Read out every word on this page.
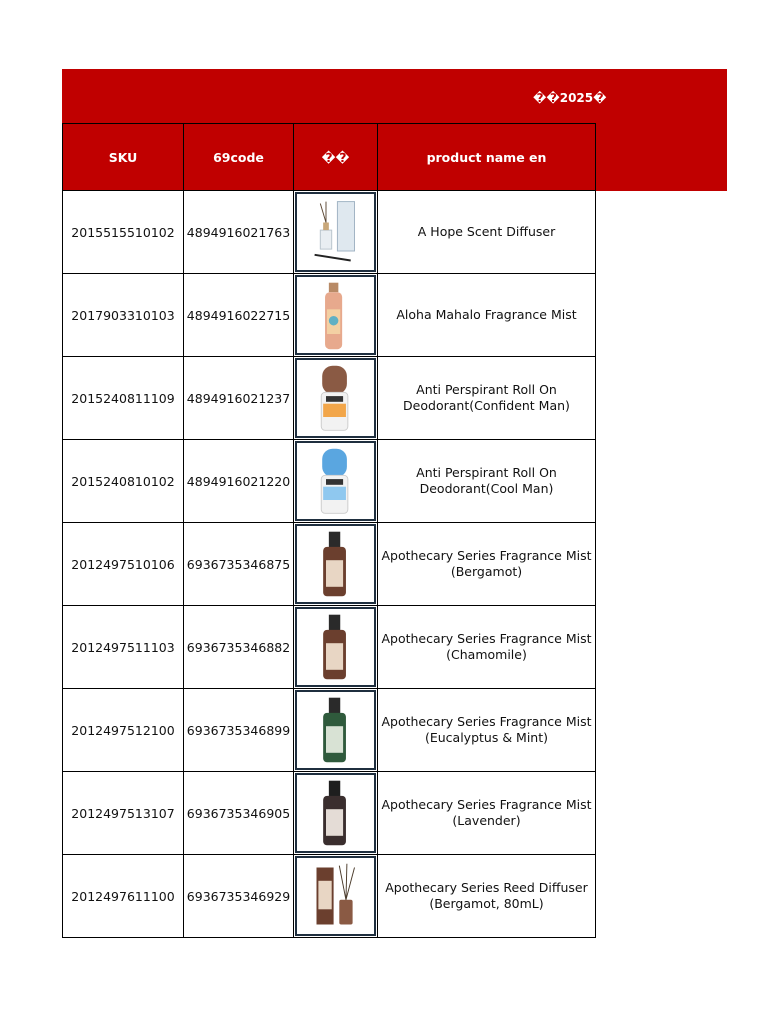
��2025�
SKU	69code	��	product name en
2015515510102	4894916021763		A Hope Scent Diffuser

2017903310103	4894916022715		Aloha Mahalo Fragrance Mist

2015240811109	4894916021237		Anti Perspirant Roll On
Deodorant(Confident Man)

2015240810102	4894916021220		Anti Perspirant Roll On
Deodorant(Cool Man)

2012497510106	6936735346875		Apothecary Series Fragrance Mist
(Bergamot)

2012497511103	6936735346882		Apothecary Series Fragrance Mist
(Chamomile)

2012497512100	6936735346899		Apothecary Series Fragrance Mist
(Eucalyptus & Mint)

2012497513107	6936735346905		Apothecary Series Fragrance Mist
(Lavender)

2012497611100	6936735346929		Apothecary Series Reed Diffuser
(Bergamot, 80mL)
